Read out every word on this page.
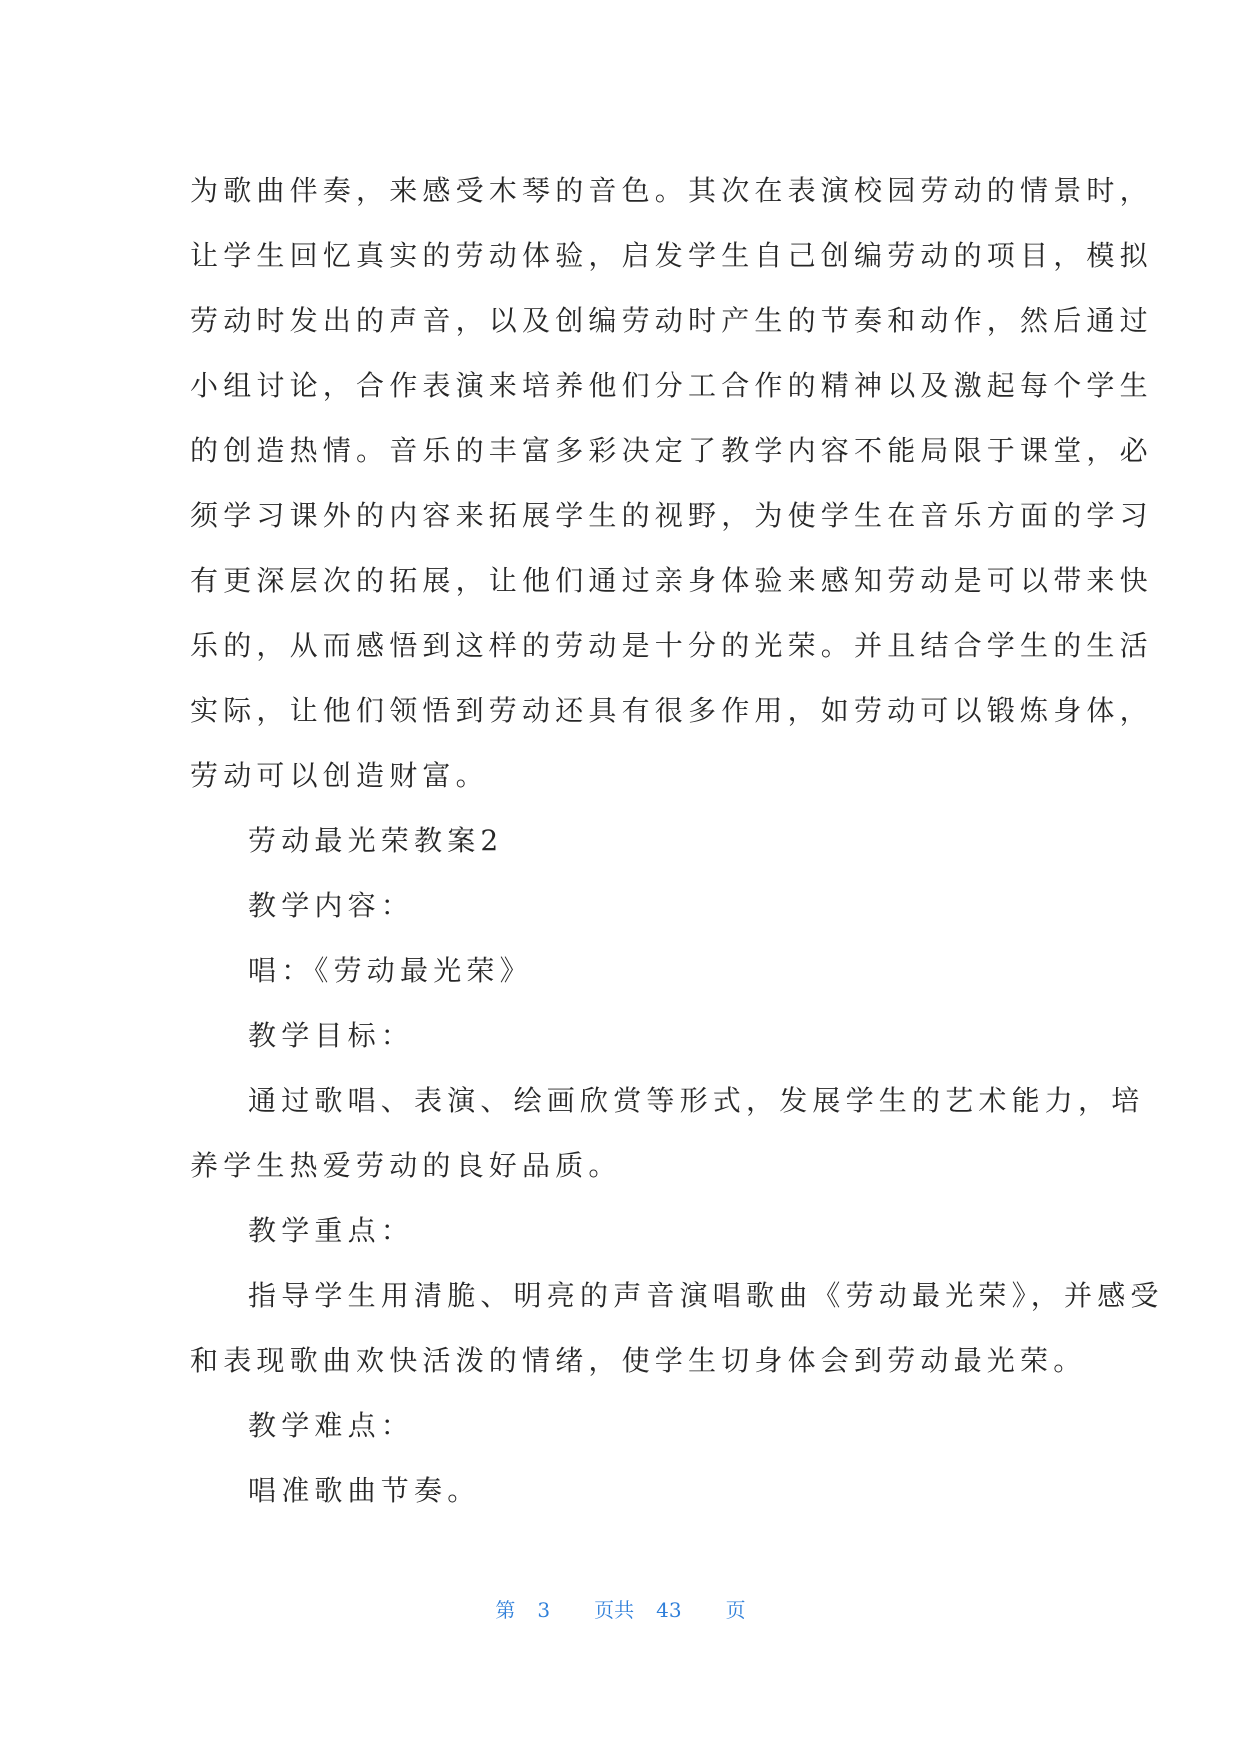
为歌曲伴奏，来感受木琴的音色。其次在表演校园劳动的情景时，
让学生回忆真实的劳动体验，启发学生自己创编劳动的项目，模拟
劳动时发出的声音，以及创编劳动时产生的节奏和动作，然后通过
小组讨论，合作表演来培养他们分工合作的精神以及激起每个学生
的创造热情。音乐的丰富多彩决定了教学内容不能局限于课堂，必
须学习课外的内容来拓展学生的视野，为使学生在音乐方面的学习
有更深层次的拓展，让他们通过亲身体验来感知劳动是可以带来快
乐的，从而感悟到这样的劳动是十分的光荣。并且结合学生的生活
实际，让他们领悟到劳动还具有很多作用，如劳动可以锻炼身体，
劳动可以创造财富。
劳动最光荣教案2
教学内容：
唱：《劳动最光荣》
教学目标：
通过歌唱、表演、绘画欣赏等形式，发展学生的艺术能力，培
养学生热爱劳动的良好品质。
教学重点：
指导学生用清脆、明亮的声音演唱歌曲《劳动最光荣》，并感受
和表现歌曲欢快活泼的情绪，使学生切身体会到劳动最光荣。
教学难点：
唱准歌曲节奏。
第 3 页共 43 页
